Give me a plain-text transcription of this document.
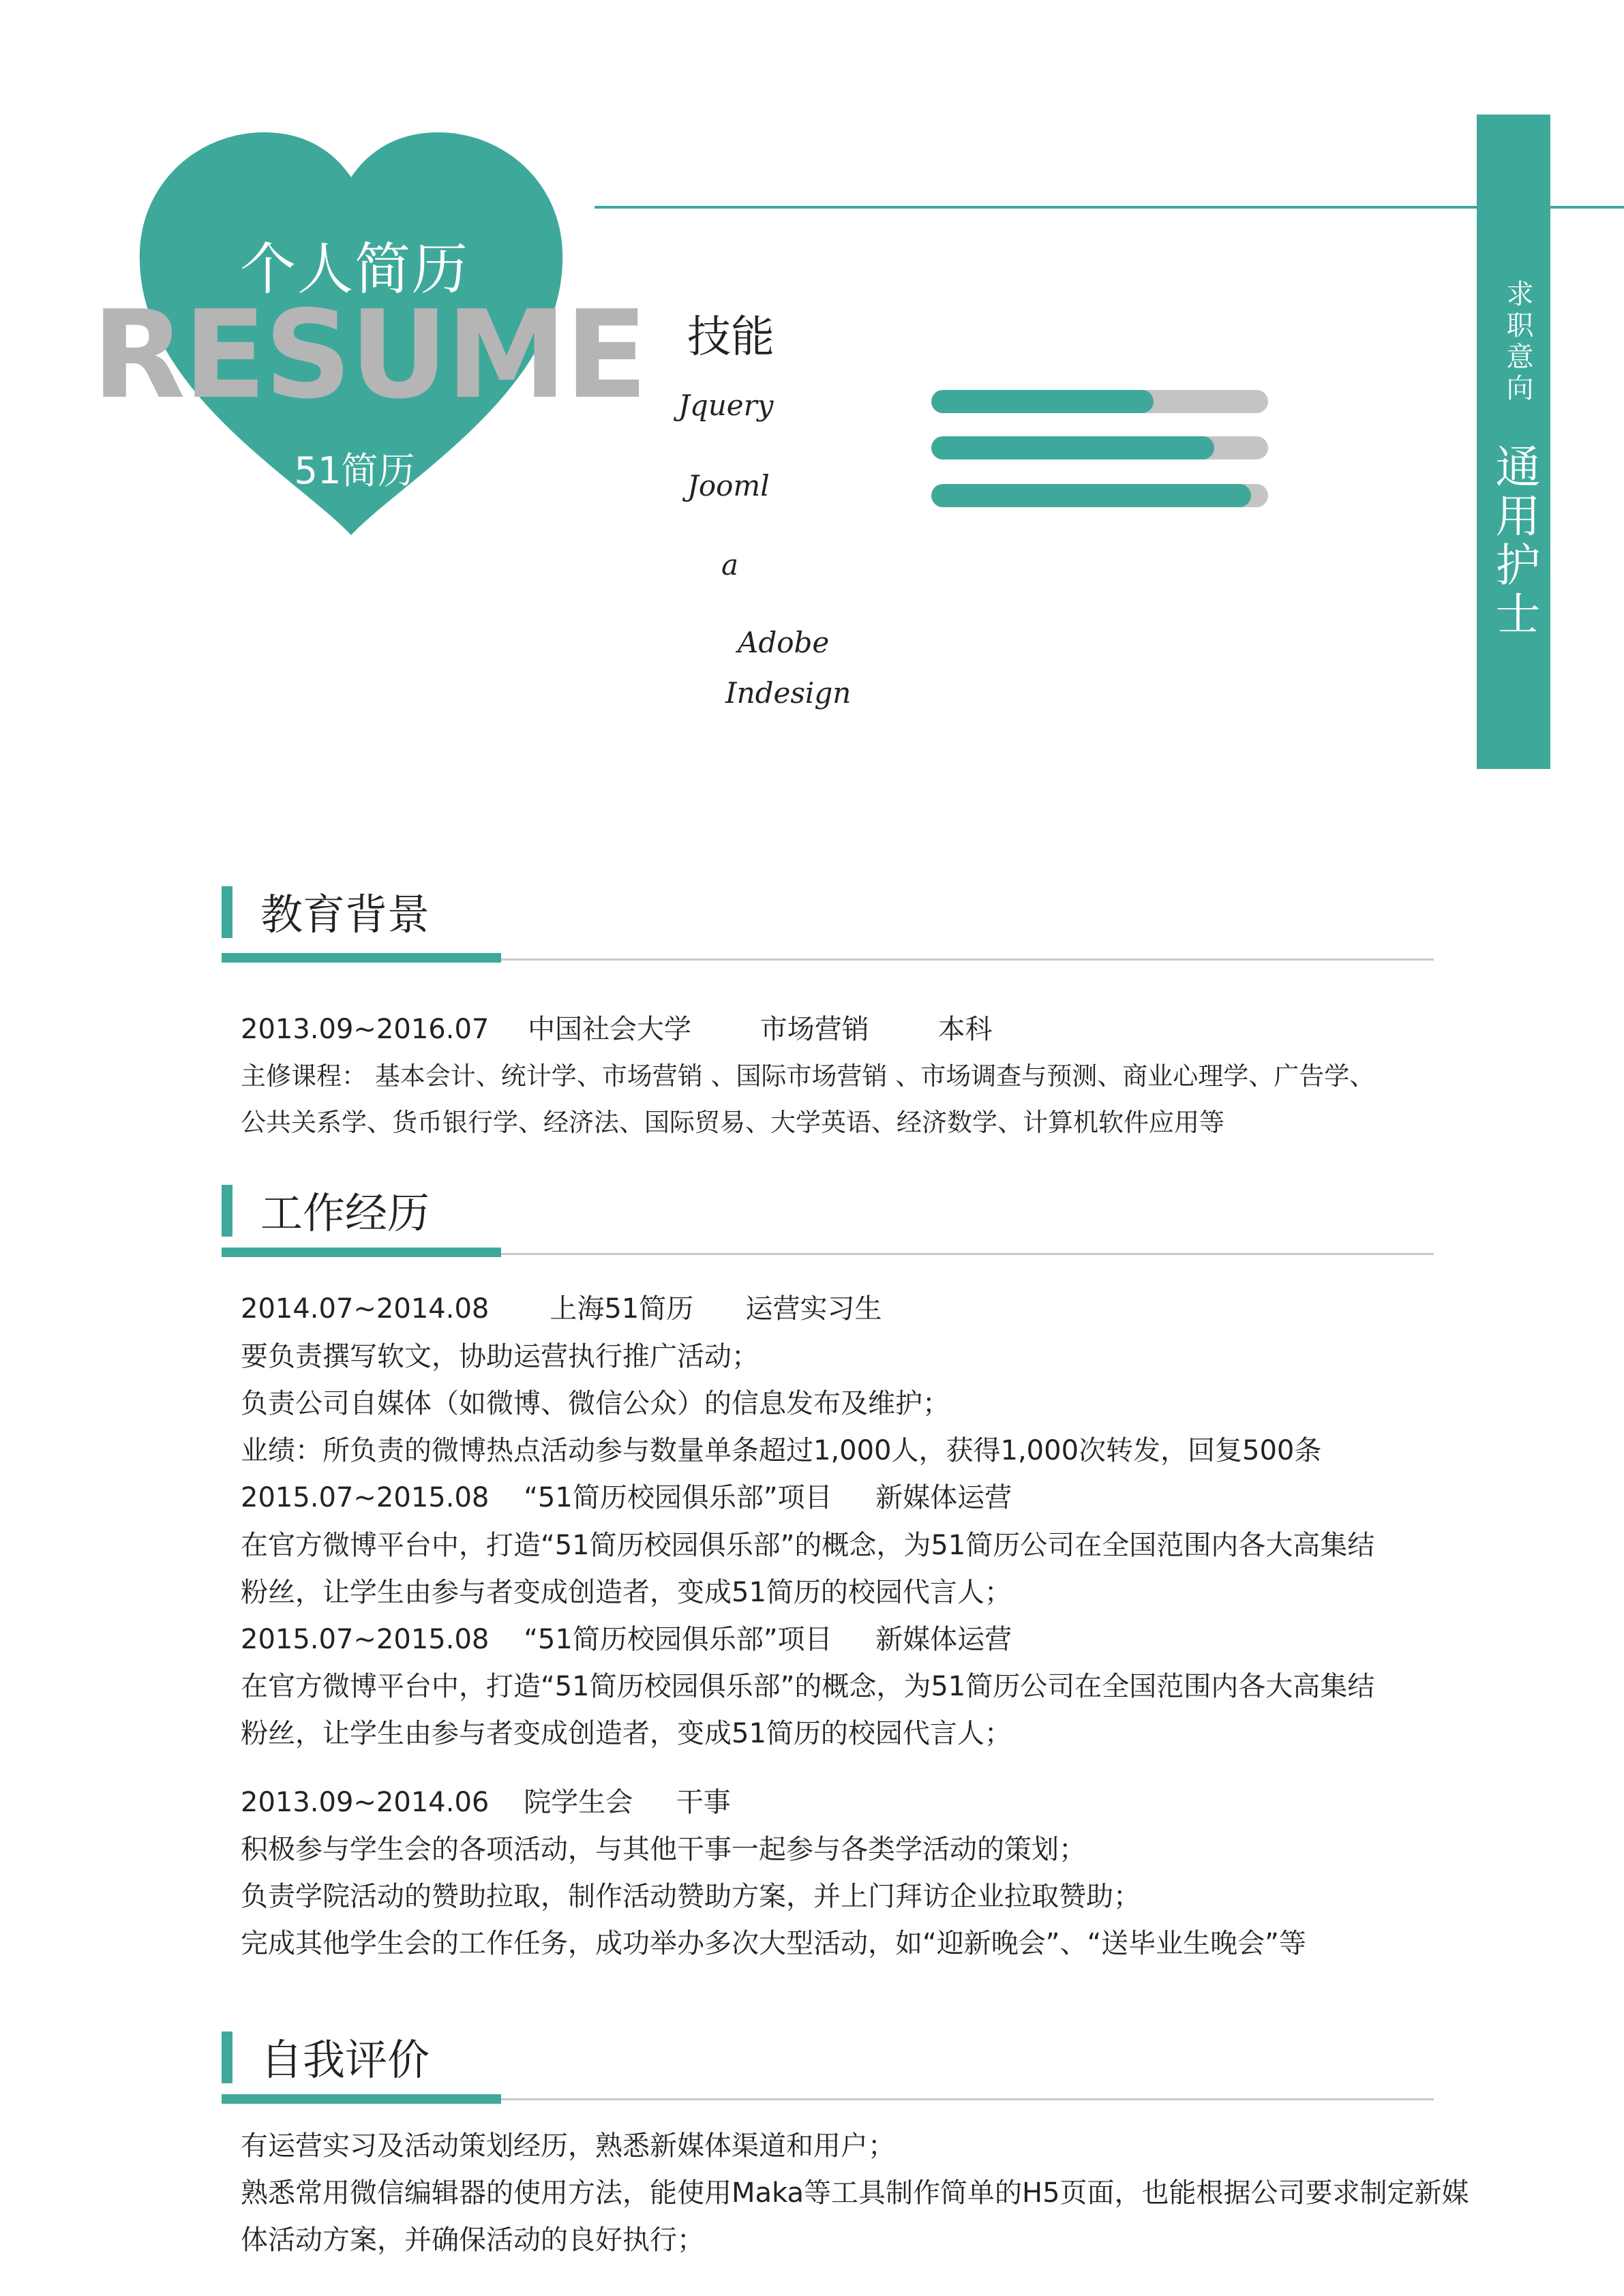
个人简历
RESUME
51简历
求职意向
通用护士
技能
Jquery
Jooml
a
Adobe
Indesign
教育背景
2013.09~2016.07 中国社会大学	市场营销	本科
主修课程： 基本会计、统计学、市场营销 、国际市场营销 、市场调查与预测、商业心理学、广告学、
公共关系学、货币银行学、经济法、国际贸易、大学英语、经济数学、计算机软件应用等
工作经历
2014.07~2014.08       上海51简历      运营实习生
要负责撰写软文，协助运营执行推广活动；
负责公司自媒体（如微博、微信公众）的信息发布及维护；
业绩：所负责的微博热点活动参与数量单条超过1,000人，获得1,000次转发，回复500条
2015.07~2015.08    “51简历校园俱乐部”项目     新媒体运营
在官方微博平台中，打造“51简历校园俱乐部”的概念，为51简历公司在全国范围内各大高集结
粉丝，让学生由参与者变成创造者，变成51简历的校园代言人；
2015.07~2015.08    “51简历校园俱乐部”项目     新媒体运营
在官方微博平台中，打造“51简历校园俱乐部”的概念，为51简历公司在全国范围内各大高集结
粉丝，让学生由参与者变成创造者，变成51简历的校园代言人；
2013.09~2014.06    院学生会     干事
积极参与学生会的各项活动，与其他干事一起参与各类学活动的策划；
负责学院活动的赞助拉取，制作活动赞助方案，并上门拜访企业拉取赞助；
完成其他学生会的工作任务，成功举办多次大型活动，如“迎新晚会”、“送毕业生晚会”等
自我评价
有运营实习及活动策划经历，熟悉新媒体渠道和用户；
熟悉常用微信编辑器的使用方法，能使用Maka等工具制作简单的H5页面，也能根据公司要求制定新媒
体活动方案，并确保活动的良好执行；
